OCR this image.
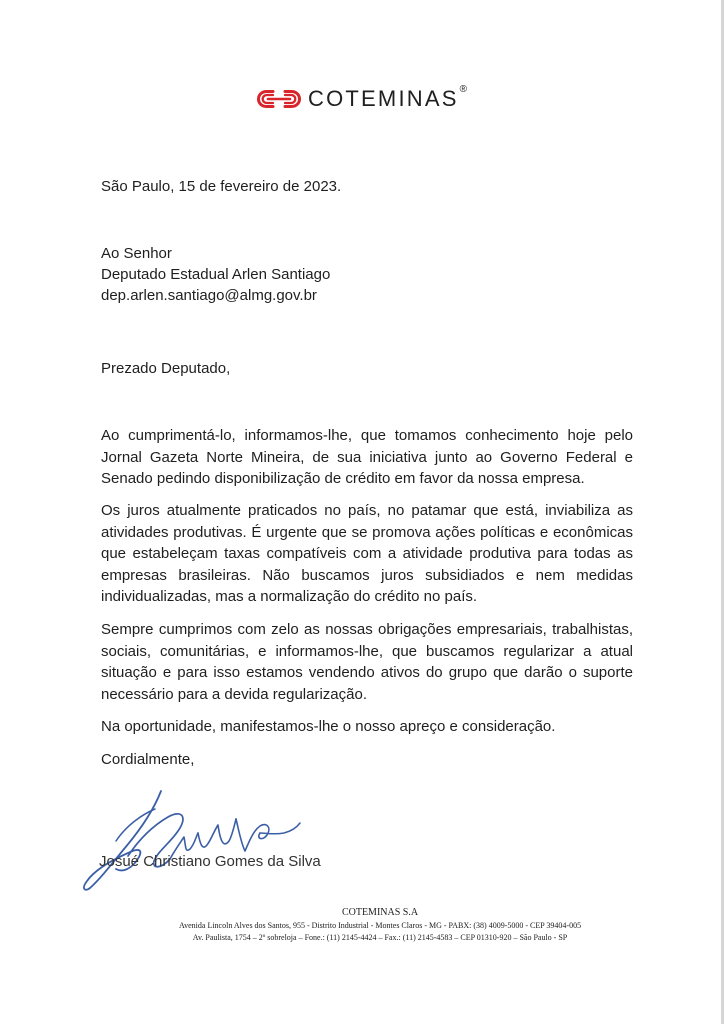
COTEMINAS®
São Paulo, 15 de fevereiro de 2023.
Ao Senhor
Deputado Estadual Arlen Santiago
dep.arlen.santiago@almg.gov.br
Prezado Deputado,
Ao cumprimentá-lo, informamos-lhe, que tomamos conhecimento hoje pelo Jornal Gazeta Norte Mineira, de sua iniciativa junto ao Governo Federal e Senado pedindo disponibilização de crédito em favor da nossa empresa.
Os juros atualmente praticados no país, no patamar que está, inviabiliza as atividades produtivas. É urgente que se promova ações políticas e econômicas que estabeleçam taxas compatíveis com a atividade produtiva para todas as empresas brasileiras. Não buscamos juros subsidiados e nem medidas individualizadas, mas a normalização do crédito no país.
Sempre cumprimos com zelo as nossas obrigações empresariais, trabalhistas, sociais, comunitárias, e informamos-lhe, que buscamos regularizar a atual situação e para isso estamos vendendo ativos do grupo que darão o suporte necessário para a devida regularização.
Na oportunidade, manifestamos-lhe o nosso apreço e consideração.
Cordialmente,
Josué Christiano Gomes da Silva
COTEMINAS S.A
Avenida Lincoln Alves dos Santos, 955 - Distrito Industrial - Montes Claros - MG - PABX: (38) 4009-5000 - CEP 39404-005
Av. Paulista, 1754 – 2º sobreloja – Fone.: (11) 2145-4424 – Fax.: (11) 2145-4583 – CEP 01310-920 – São Paulo - SP
